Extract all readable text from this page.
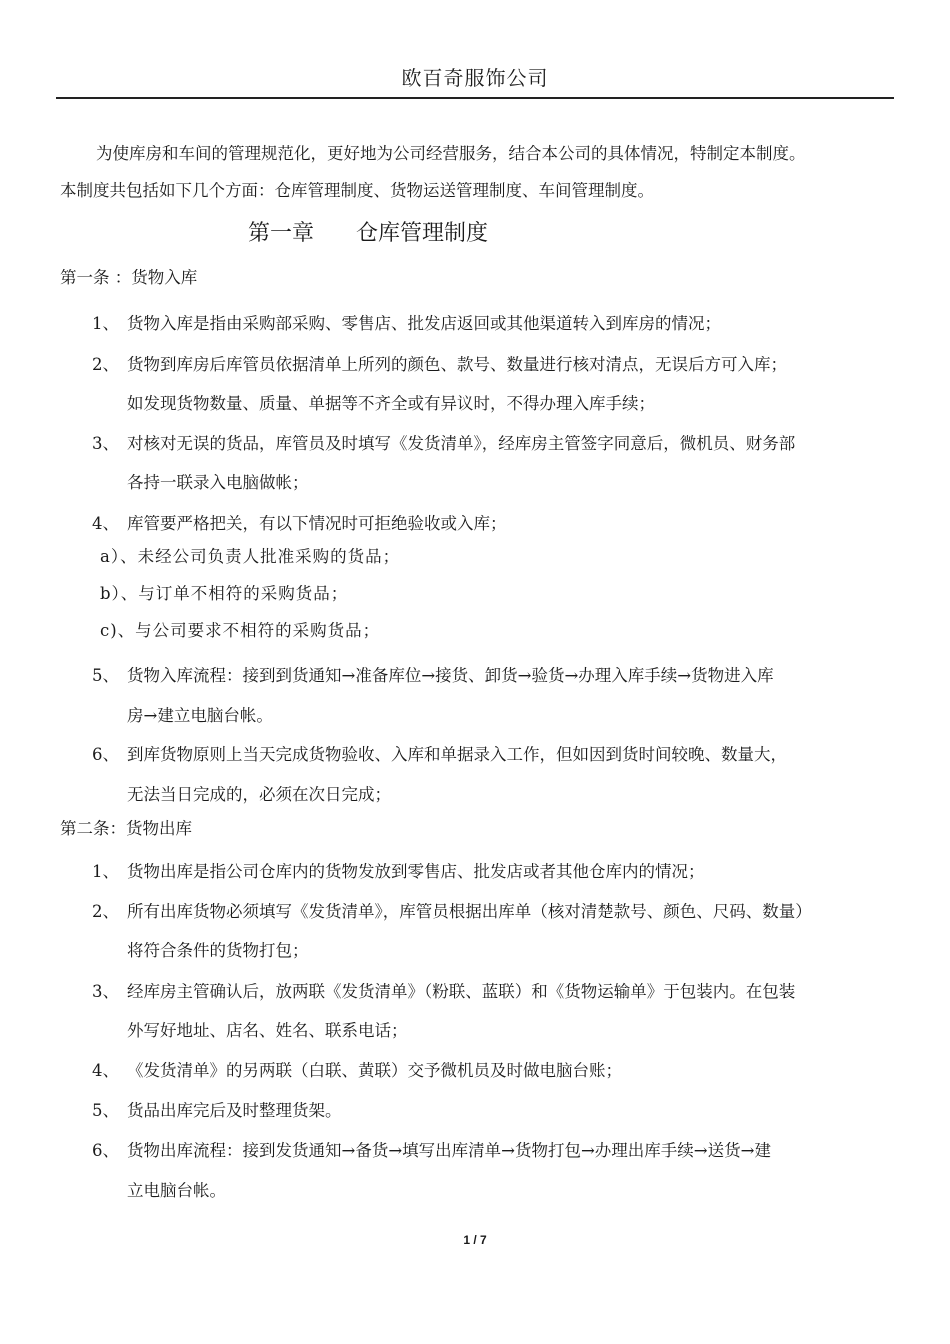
欧百奇服饰公司
为使库房和车间的管理规范化，更好地为公司经营服务，结合本公司的具体情况，特制定本制度。
本制度共包括如下几个方面：仓库管理制度、货物运送管理制度、车间管理制度。
第一章 仓库管理制度
第一条 ：货物入库
1、 货物入库是指由采购部采购、零售店、批发店返回或其他渠道转入到库房的情况；
2、 货物到库房后库管员依据清单上所列的颜色、款号、数量进行核对清点，无误后方可入库；
如发现货物数量、质量、单据等不齐全或有异议时，不得办理入库手续；
3、 对核对无误的货品，库管员及时填写《发货清单》，经库房主管签字同意后，微机员、财务部
各持一联录入电脑做帐；
4、 库管要严格把关，有以下情况时可拒绝验收或入库；
a）、未经公司负责人批准采购的货品；
b）、与订单不相符的采购货品；
c)、与公司要求不相符的采购货品；
5、 货物入库流程：接到到货通知→准备库位→接货、卸货→验货→办理入库手续→货物进入库
房→建立电脑台帐。
6、 到库货物原则上当天完成货物验收、入库和单据录入工作，但如因到货时间较晚、数量大，
无法当日完成的，必须在次日完成；
第二条：货物出库
1、 货物出库是指公司仓库内的货物发放到零售店、批发店或者其他仓库内的情况；
2、 所有出库货物必须填写《发货清单》，库管员根据出库单（核对清楚款号、颜色、尺码、数量）
将符合条件的货物打包；
3、 经库房主管确认后，放两联《发货清单》（粉联、蓝联）和《货物运输单》于包装内。在包装
外写好地址、店名、姓名、联系电话；
4、 《发货清单》的另两联（白联、黄联）交予微机员及时做电脑台账；
5、 货品出库完后及时整理货架。
6、 货物出库流程：接到发货通知→备货→填写出库清单→货物打包→办理出库手续→送货→建
立电脑台帐。
1 / 7
